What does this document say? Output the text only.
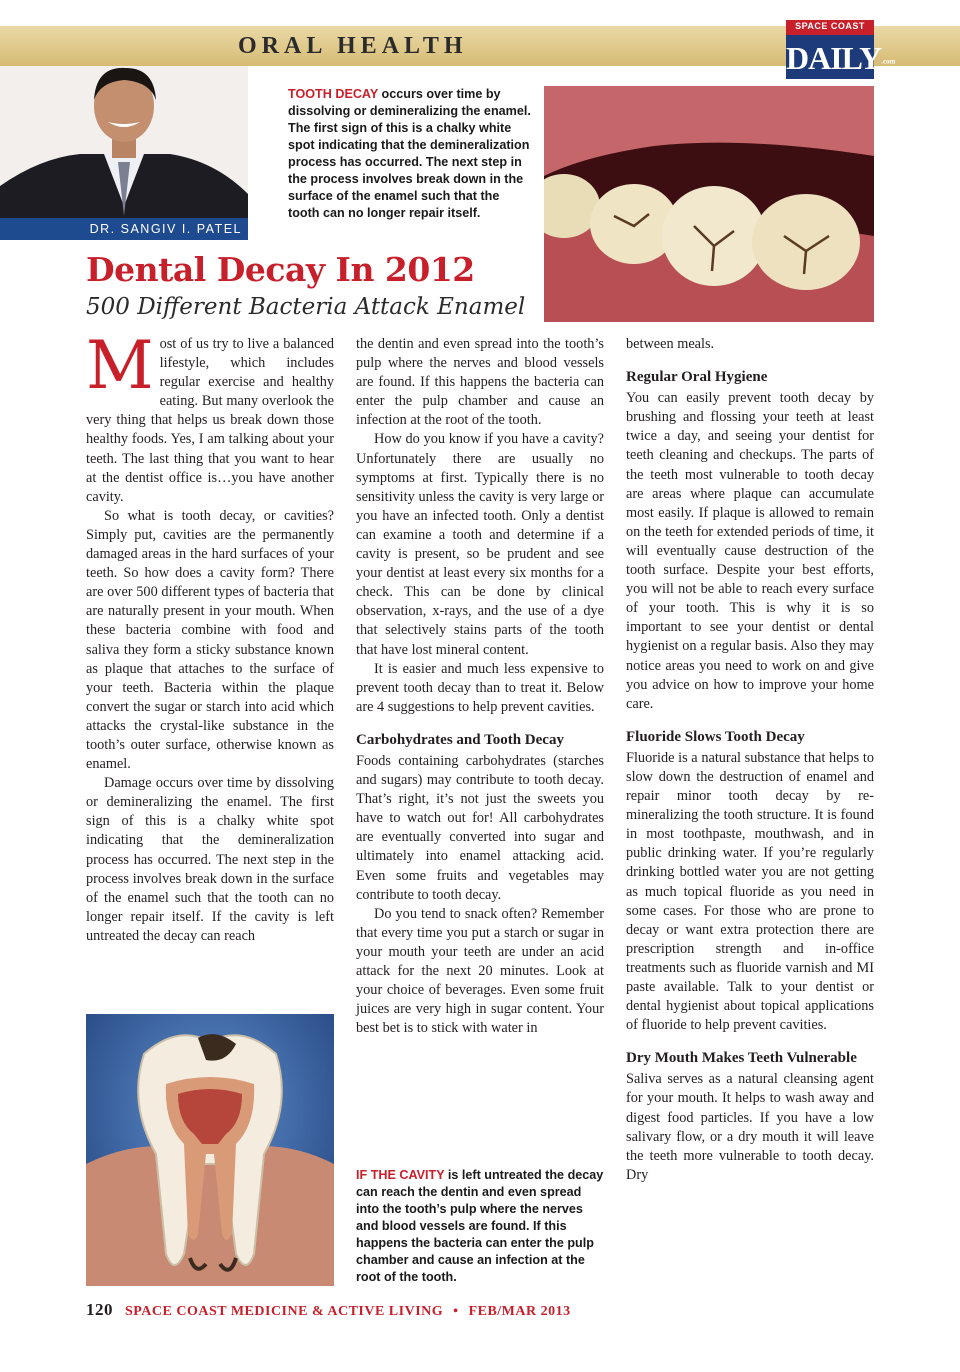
ORAL HEALTH
SPACE COAST
DAILY.com
DR. SANGIV I. PATEL
TOOTH DECAY occurs over time by dissolving or demineralizing the enamel. The first sign of this is a chalky white spot indicating that the demineralization process has occurred. The next step in the process involves break down in the surface of the enamel such that the tooth can no longer repair itself.
Dental Decay In 2012
500 Different Bacteria Attack Enamel

Most of us try to live a balanced lifestyle, which includes regular exercise and healthy eating. But many overlook the very thing that helps us break down those healthy foods. Yes, I am talking about your teeth. The last thing that you want to hear at the dentist office is…you have another cavity.

So what is tooth decay, or cavities? Simply put, cavities are the permanently damaged areas in the hard surfaces of your teeth. So how does a cavity form? There are over 500 different types of bacteria that are naturally present in your mouth. When these bacteria combine with food and saliva they form a sticky substance known as plaque that attaches to the surface of your teeth. Bacteria within the plaque convert the sugar or starch into acid which attacks the crystal-like substance in the tooth’s outer surface, otherwise known as enamel.

Damage occurs over time by dissolving or demineralizing the enamel. The first sign of this is a chalky white spot indicating that the demineralization process has occurred. The next step in the process involves break down in the surface of the enamel such that the tooth can no longer repair itself. If the cavity is left untreated the decay can reach

the dentin and even spread into the tooth’s pulp where the nerves and blood vessels are found. If this happens the bacteria can enter the pulp chamber and cause an infection at the root of the tooth.

How do you know if you have a cavity? Unfortunately there are usually no symptoms at first. Typically there is no sensitivity unless the cavity is very large or you have an infected tooth. Only a dentist can examine a tooth and determine if a cavity is present, so be prudent and see your dentist at least every six months for a check. This can be done by clinical observation, x-rays, and the use of a dye that selectively stains parts of the tooth that have lost mineral content.

It is easier and much less expensive to prevent tooth decay than to treat it. Below are 4 suggestions to help prevent cavities.

Carbohydrates and Tooth Decay

Foods containing carbohydrates (starches and sugars) may contribute to tooth decay. That’s right, it’s not just the sweets you have to watch out for! All carbohydrates are eventually converted into sugar and ultimately into enamel attacking acid. Even some fruits and vegetables may contribute to tooth decay.

Do you tend to snack often? Remember that every time you put a starch or sugar in your mouth your teeth are under an acid attack for the next 20 minutes. Look at your choice of beverages. Even some fruit juices are very high in sugar content. Your best bet is to stick with water in

IF THE CAVITY is left untreated the decay can reach the dentin and even spread into the tooth’s pulp where the nerves and blood vessels are found. If this happens the bacteria can enter the pulp chamber and cause an infection at the root of the tooth.

between meals.

Regular Oral Hygiene

You can easily prevent tooth decay by brushing and flossing your teeth at least twice a day, and seeing your dentist for teeth cleaning and checkups. The parts of the teeth most vulnerable to tooth decay are areas where plaque can accumulate most easily. If plaque is allowed to remain on the teeth for extended periods of time, it will eventually cause destruction of the tooth surface. Despite your best efforts, you will not be able to reach every surface of your tooth. This is why it is so important to see your dentist or dental hygienist on a regular basis. Also they may notice areas you need to work on and give you advice on how to improve your home care.

Fluoride Slows Tooth Decay

Fluoride is a natural substance that helps to slow down the destruction of enamel and repair minor tooth decay by re-mineralizing the tooth structure. It is found in most toothpaste, mouthwash, and in public drinking water. If you’re regularly drinking bottled water you are not getting as much topical fluoride as you need in some cases. For those who are prone to decay or want extra protection there are prescription strength and in-office treatments such as fluoride varnish and MI paste available. Talk to your dentist or dental hygienist about topical applications of fluoride to help prevent cavities.

Dry Mouth Makes Teeth Vulnerable

Saliva serves as a natural cleansing agent for your mouth. It helps to wash away and digest food particles. If you have a low salivary flow, or a dry mouth it will leave the teeth more vulnerable to tooth decay. Dry

120 SPACE COAST MEDICINE & ACTIVE LIVING • FEB/MAR 2013
